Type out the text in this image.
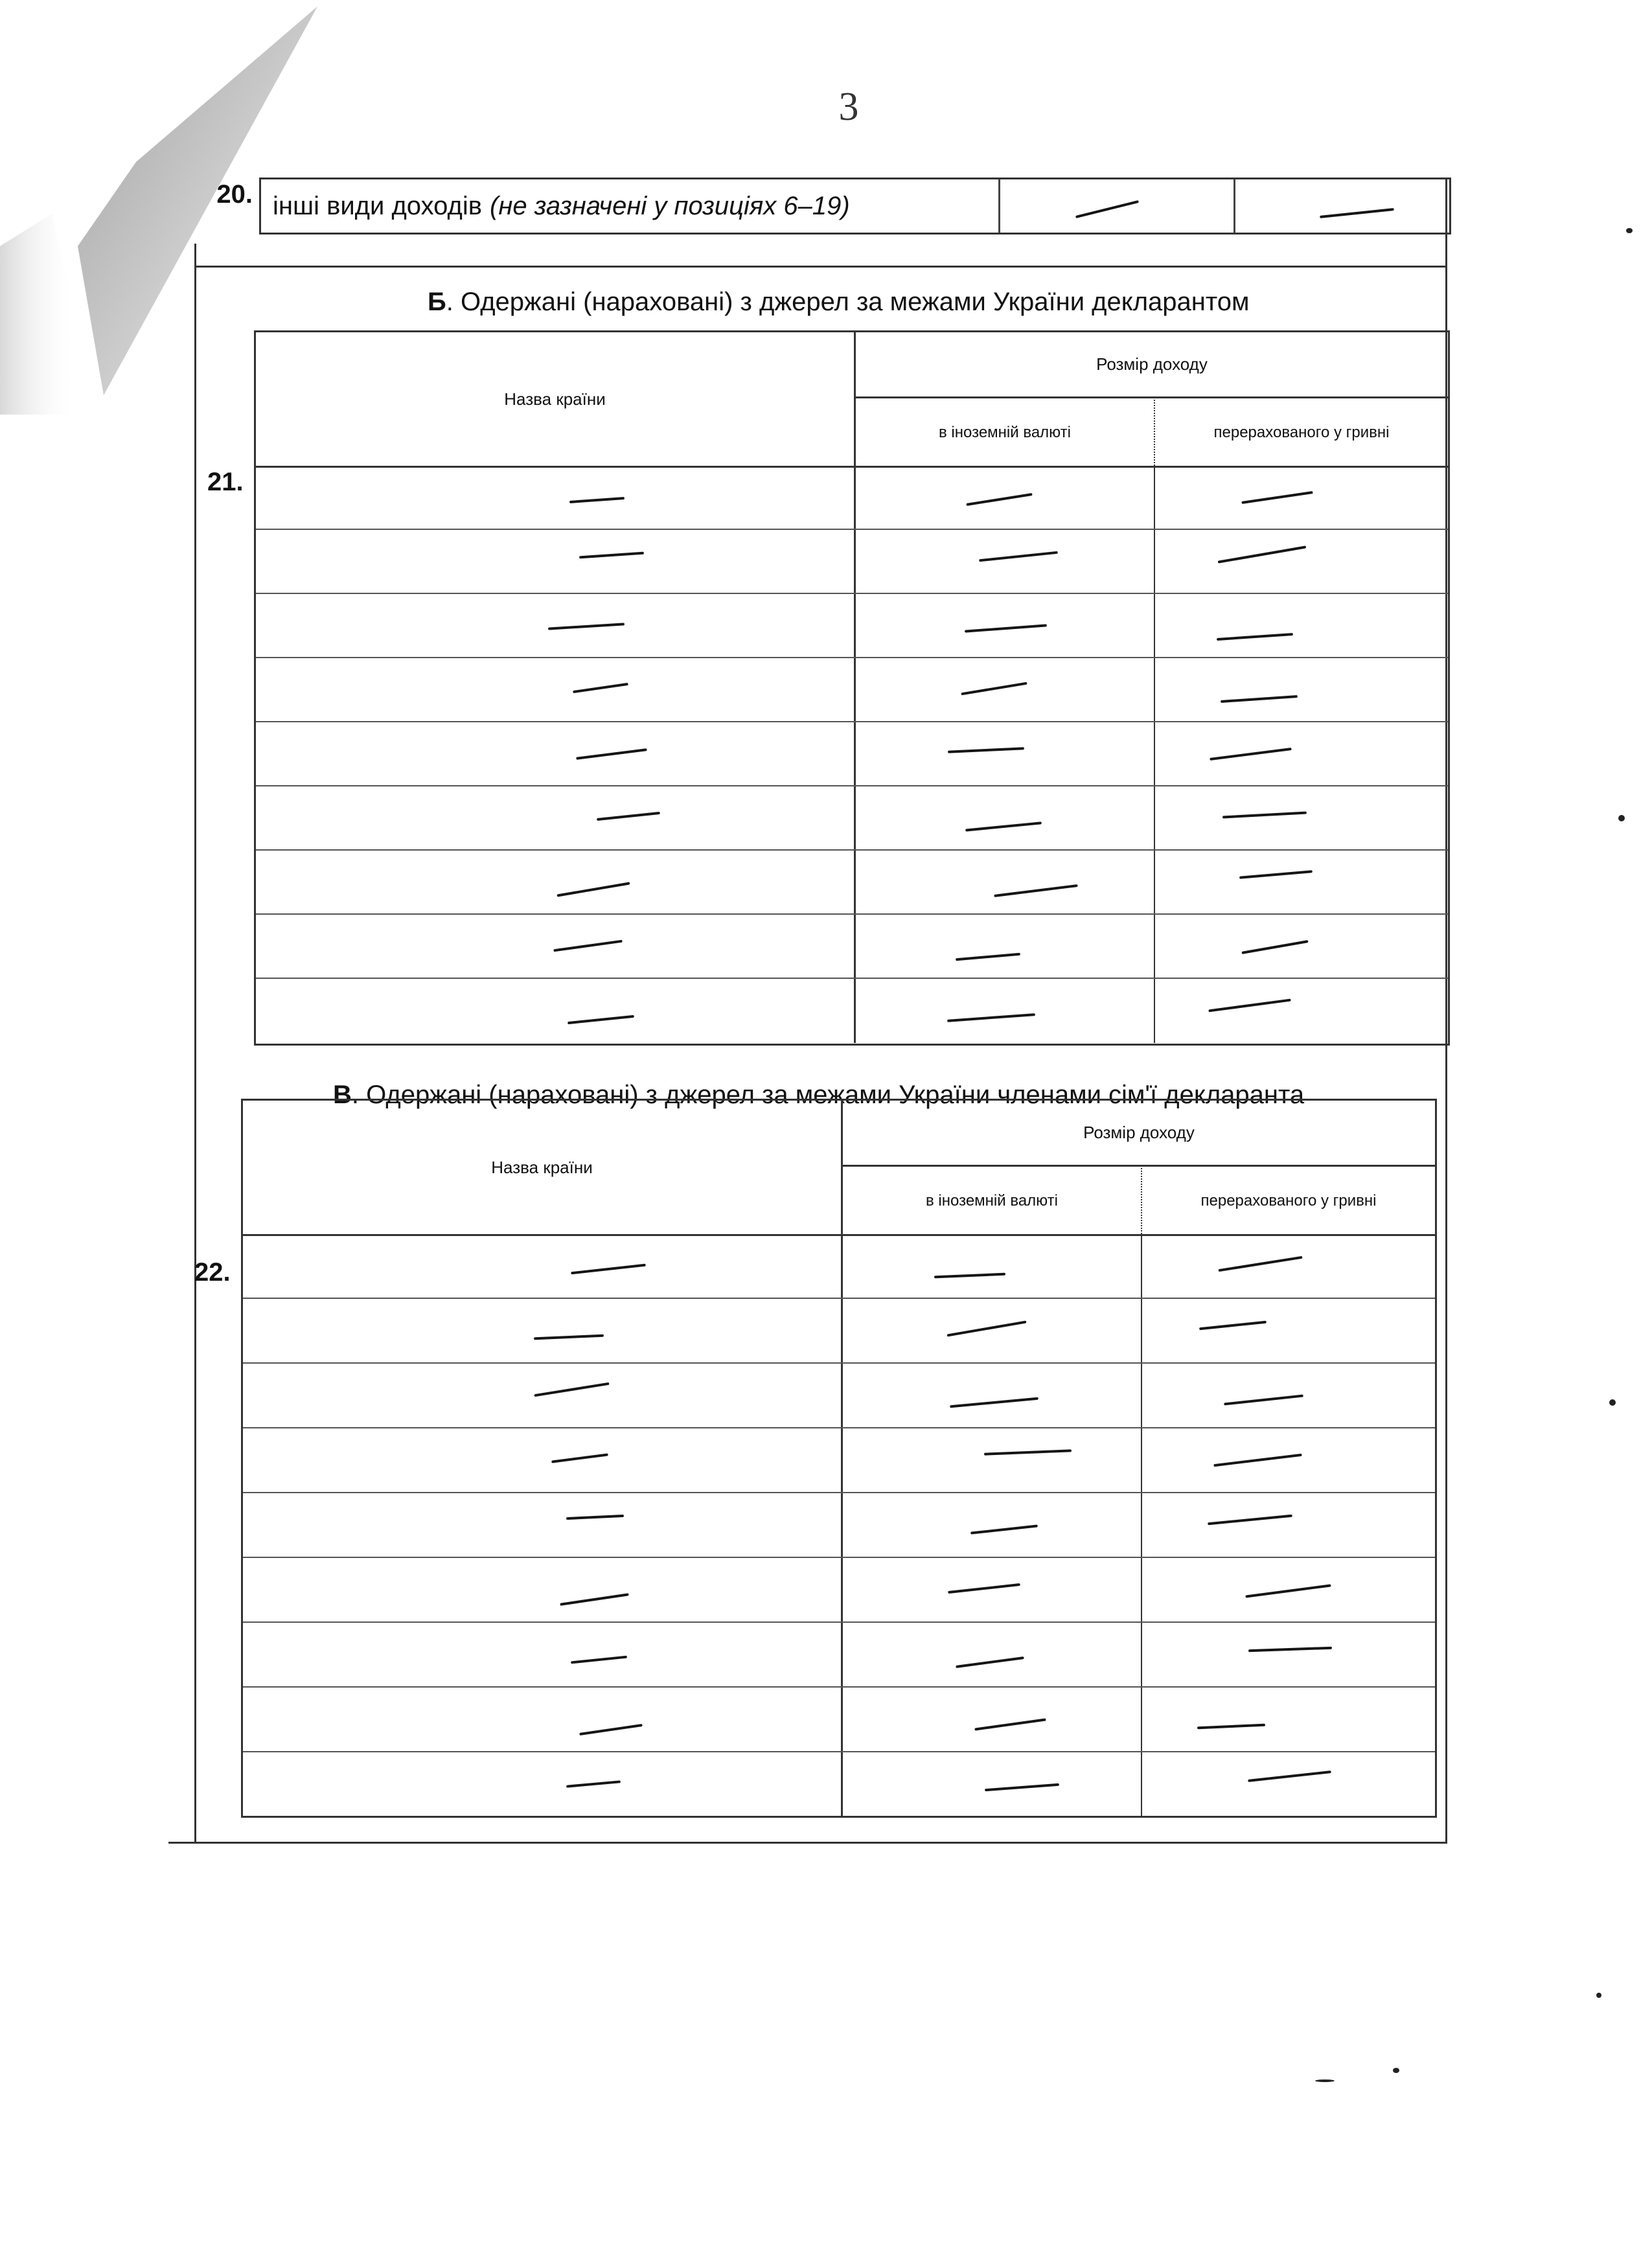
3
20. інші види доходів (не зазначені у позиціях 6–19)
Б. Одержані (нараховані) з джерел за межами України декларантом
21.
Назва країни
Розмір доходу
в іноземній валюті	перерахованого у гривні
В. Одержані (нараховані) з джерел за межами України членами сім'ї декларанта
22.
Назва країни
Розмір доходу
в іноземній валюті	перерахованого у гривні
